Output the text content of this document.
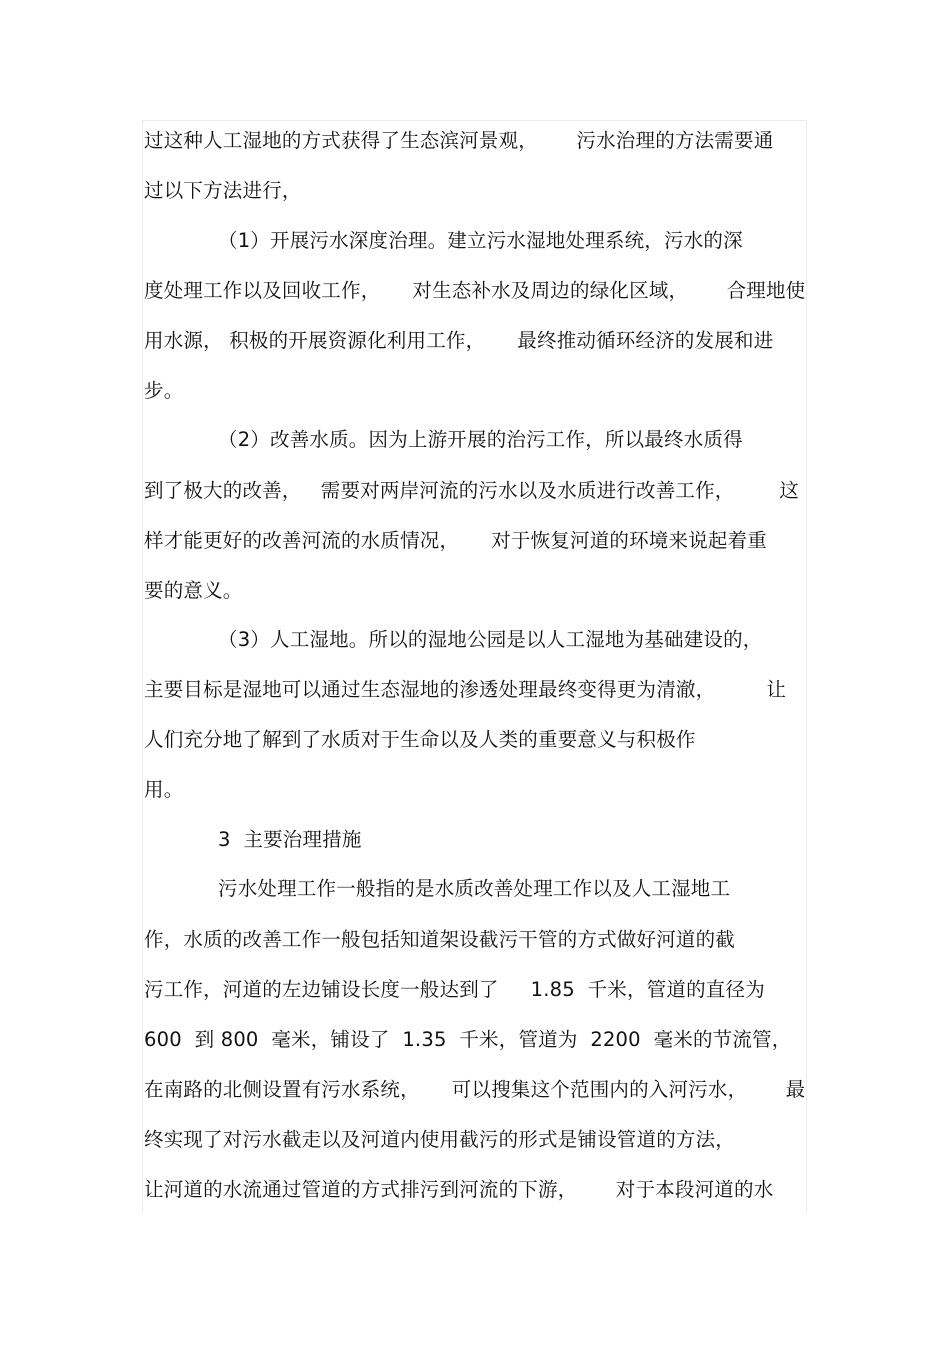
过这种人工湿地的方式获得了生态滨河景观，      污水治理的方法需要通
过以下方法进行，
（1）开展污水深度治理。建立污水湿地处理系统，污水的深
度处理工作以及回收工作，     对生态补水及周边的绿化区域，      合理地使
用水源， 积极的开展资源化利用工作，     最终推动循环经济的发展和进
步。
（2）改善水质。因为上游开展的治污工作，所以最终水质得
到了极大的改善，   需要对两岸河流的污水以及水质进行改善工作，       这
样才能更好的改善河流的水质情况，     对于恢复河道的环境来说起着重
要的意义。
（3）人工湿地。所以的湿地公园是以人工湿地为基础建设的，
主要目标是湿地可以通过生态湿地的渗透处理最终变得更为清澈，        让
人们充分地了解到了水质对于生命以及人类的重要意义与积极作
用。
3  主要治理措施
污水处理工作一般指的是水质改善处理工作以及人工湿地工
作，水质的改善工作一般包括知道架设截污干管的方式做好河道的截
污工作，河道的左边铺设长度一般达到了     1.85  千米，管道的直径为
600  到 800  毫米，铺设了  1.35  千米，管道为  2200  毫米的节流管，
在南路的北侧设置有污水系统，     可以搜集这个范围内的入河污水，      最
终实现了对污水截走以及河道内使用截污的形式是铺设管道的方法，
让河道的水流通过管道的方式排污到河流的下游，      对于本段河道的水
